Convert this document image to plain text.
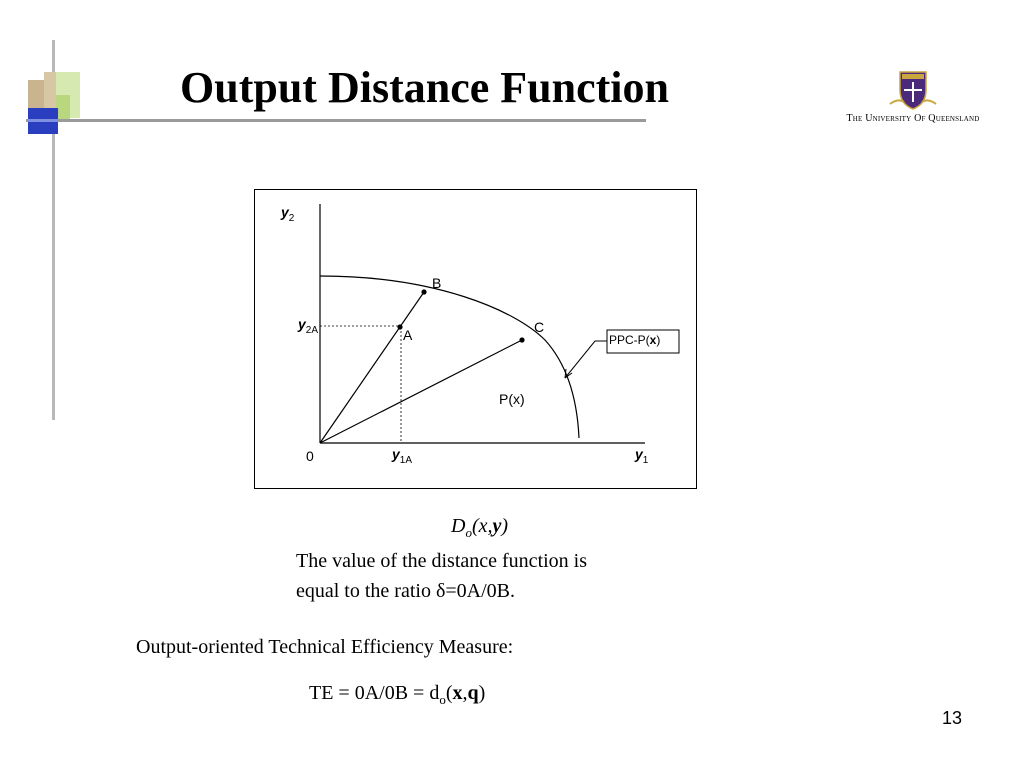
Output Distance Function
The University Of Queensland
$y_2$
$y_{2A}$
0	$y_{1A}$	$y_1$
B
A	C
P(x)
PPC-P(x)
$D_o(x,y)$
The value of the distance function is
equal to the ratio δ=0A/0B.
Output-oriented Technical Efficiency Measure:
TE = $0A/0B = d_o(x,q)$
13
